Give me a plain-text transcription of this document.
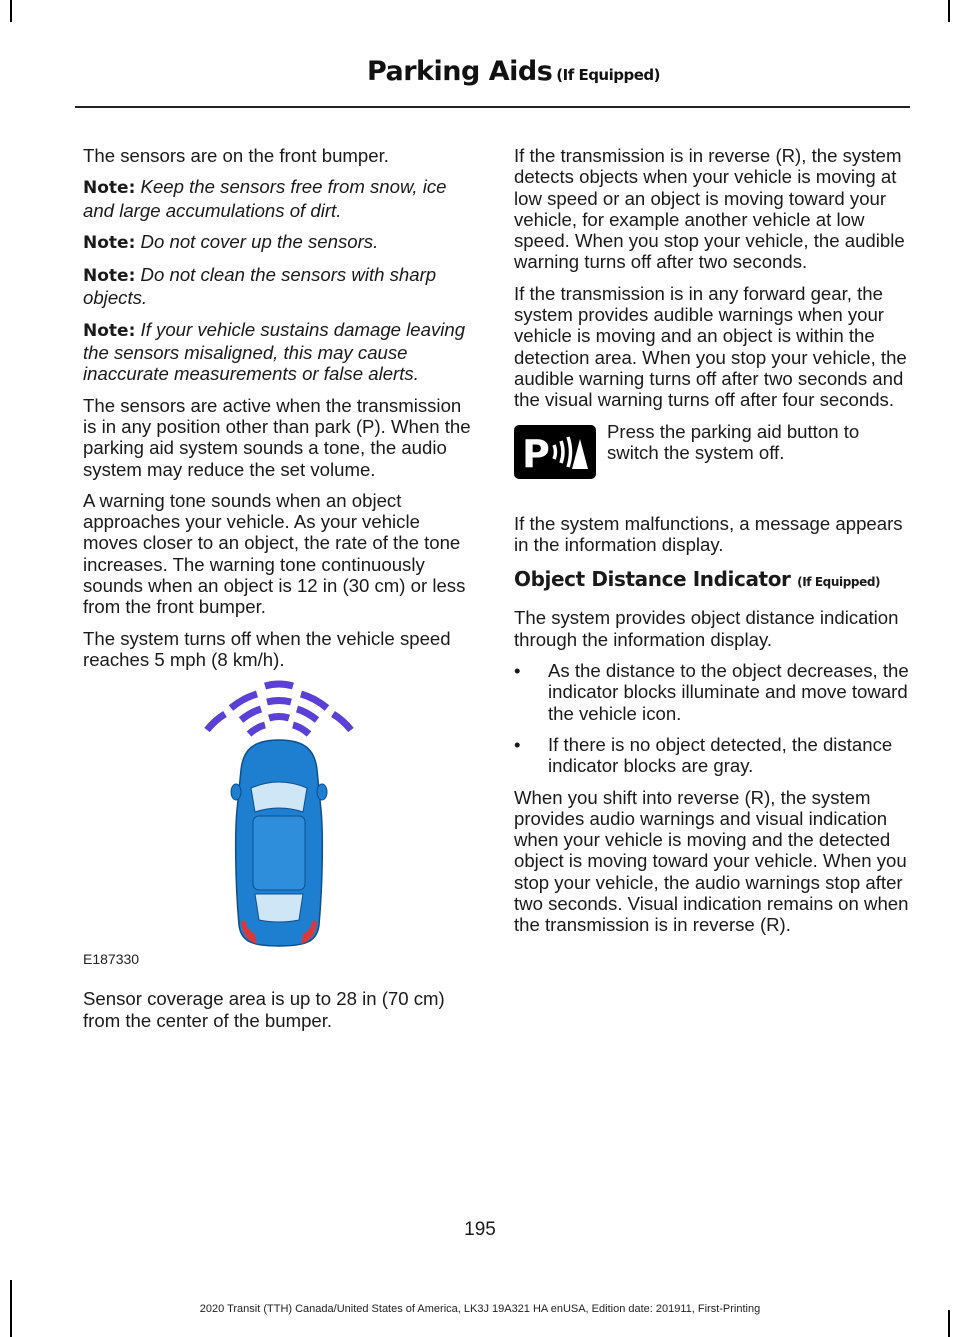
Parking Aids (If Equipped)

The sensors are on the front bumper.

Note: Keep the sensors free from snow, ice and large accumulations of dirt.

Note: Do not cover up the sensors.

Note: Do not clean the sensors with sharp objects.

Note: If your vehicle sustains damage leaving the sensors misaligned, this may cause inaccurate measurements or false alerts.

The sensors are active when the transmission is in any position other than park (P). When the parking aid system sounds a tone, the audio system may reduce the set volume.

A warning tone sounds when an object approaches your vehicle. As your vehicle moves closer to an object, the rate of the tone increases. The warning tone continuously sounds when an object is 12 in (30 cm) or less from the front bumper.

The system turns off when the vehicle speed reaches 5 mph (8 km/h).

E187330

Sensor coverage area is up to 28 in (70 cm) from the center of the bumper.

If the transmission is in reverse (R), the system detects objects when your vehicle is moving at low speed or an object is moving toward your vehicle, for example another vehicle at low speed. When you stop your vehicle, the audible warning turns off after two seconds.

If the transmission is in any forward gear, the system provides audible warnings when your vehicle is moving and an object is within the detection area. When you stop your vehicle, the audible warning turns off after two seconds and the visual warning turns off after four seconds.

P

Press the parking aid button to switch the system off.

If the system malfunctions, a message appears in the information display.

Object Distance Indicator (If Equipped)

The system provides object distance indication through the information display.

• As the distance to the object decreases, the indicator blocks illuminate and move toward the vehicle icon.
• If there is no object detected, the distance indicator blocks are gray.

When you shift into reverse (R), the system provides audio warnings and visual indication when your vehicle is moving and the detected object is moving toward your vehicle. When you stop your vehicle, the audio warnings stop after two seconds. Visual indication remains on when the transmission is in reverse (R).

195
2020 Transit (TTH) Canada/United States of America, LK3J 19A321 HA enUSA, Edition date: 201911, First-Printing
